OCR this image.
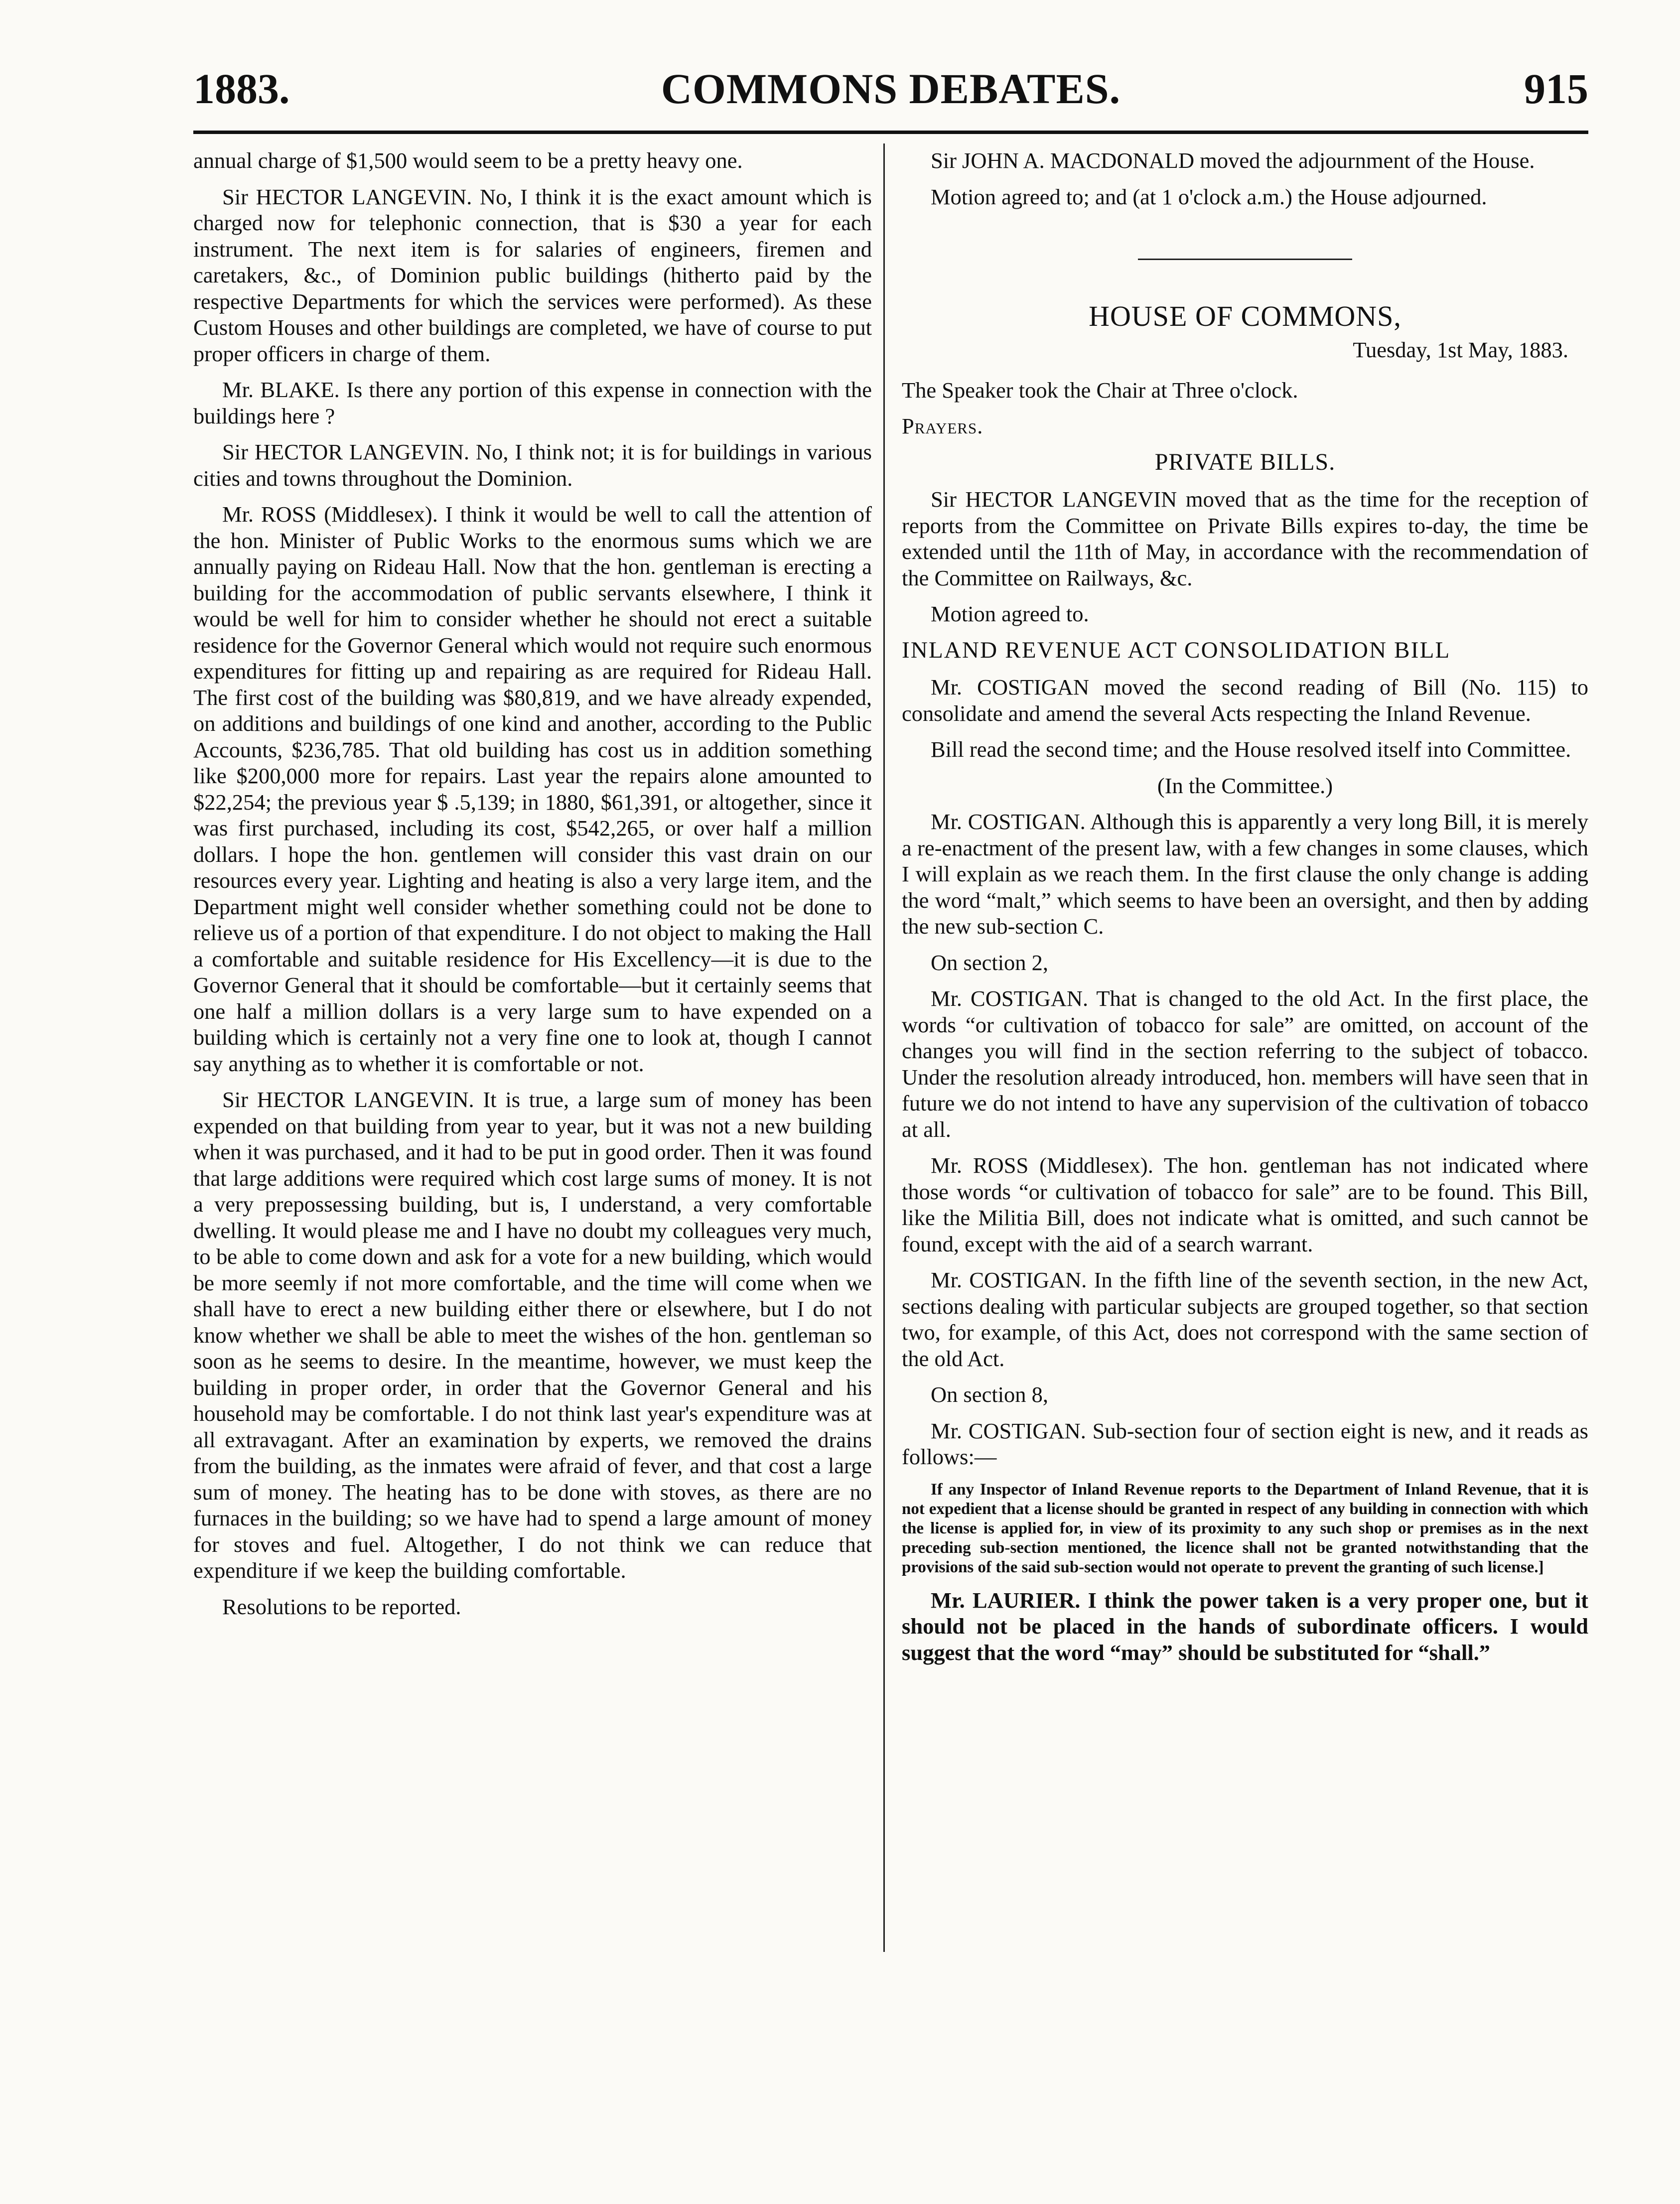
1883.	COMMONS DEBATES.	915

annual charge of $1,500 would seem to be a pretty heavy one.

Sir HECTOR LANGEVIN. No, I think it is the exact amount which is charged now for telephonic connection, that is $30 a year for each instrument. The next item is for salaries of engineers, firemen and caretakers, &c., of Dominion public buildings (hitherto paid by the respective Departments for which the services were performed). As these Custom Houses and other buildings are completed, we have of course to put proper officers in charge of them.

Mr. BLAKE. Is there any portion of this expense in connection with the buildings here ?

Sir HECTOR LANGEVIN. No, I think not; it is for buildings in various cities and towns throughout the Dominion.

Mr. ROSS (Middlesex). I think it would be well to call the attention of the hon. Minister of Public Works to the enormous sums which we are annually paying on Rideau Hall. Now that the hon. gentleman is erecting a building for the accommodation of public servants elsewhere, I think it would be well for him to consider whether he should not erect a suitable residence for the Governor General which would not require such enormous expenditures for fitting up and repairing as are required for Rideau Hall. The first cost of the building was $80,819, and we have already expended, on additions and buildings of one kind and another, according to the Public Accounts, $236,785. That old building has cost us in addition something like $200,000 more for repairs. Last year the repairs alone amounted to $22,254; the previous year $ .5,139; in 1880, $61,391, or altogether, since it was first purchased, including its cost, $542,265, or over half a million dollars. I hope the hon. gentlemen will consider this vast drain on our resources every year. Lighting and heating is also a very large item, and the Department might well consider whether something could not be done to relieve us of a portion of that expenditure. I do not object to making the Hall a comfortable and suitable residence for His Excellency—it is due to the Governor General that it should be comfortable—but it certainly seems that one half a million dollars is a very large sum to have expended on a building which is certainly not a very fine one to look at, though I cannot say anything as to whether it is comfortable or not.

Sir HECTOR LANGEVIN. It is true, a large sum of money has been expended on that building from year to year, but it was not a new building when it was purchased, and it had to be put in good order. Then it was found that large additions were required which cost large sums of money. It is not a very prepossessing building, but is, I understand, a very comfortable dwelling. It would please me and I have no doubt my colleagues very much, to be able to come down and ask for a vote for a new building, which would be more seemly if not more comfortable, and the time will come when we shall have to erect a new building either there or elsewhere, but I do not know whether we shall be able to meet the wishes of the hon. gentleman so soon as he seems to desire. In the meantime, however, we must keep the building in proper order, in order that the Governor General and his household may be comfortable. I do not think last year's expenditure was at all extravagant. After an examination by experts, we removed the drains from the building, as the inmates were afraid of fever, and that cost a large sum of money. The heating has to be done with stoves, as there are no furnaces in the building; so we have had to spend a large amount of money for stoves and fuel. Altogether, I do not think we can reduce that expenditure if we keep the building comfortable.

Resolutions to be reported.

Sir JOHN A. MACDONALD moved the adjournment of the House.

Motion agreed to; and (at 1 o'clock a.m.) the House adjourned.

HOUSE OF COMMONS,
Tuesday, 1st May, 1883.

The Speaker took the Chair at Three o'clock.

Prayers.

PRIVATE BILLS.

Sir HECTOR LANGEVIN moved that as the time for the reception of reports from the Committee on Private Bills expires to-day, the time be extended until the 11th of May, in accordance with the recommendation of the Committee on Railways, &c.

Motion agreed to.

INLAND REVENUE ACT CONSOLIDATION BILL

Mr. COSTIGAN moved the second reading of Bill (No. 115) to consolidate and amend the several Acts respecting the Inland Revenue.

Bill read the second time; and the House resolved itself into Committee.

(In the Committee.)

Mr. COSTIGAN. Although this is apparently a very long Bill, it is merely a re-enactment of the present law, with a few changes in some clauses, which I will explain as we reach them. In the first clause the only change is adding the word “malt,” which seems to have been an oversight, and then by adding the new sub-section C.

On section 2,

Mr. COSTIGAN. That is changed to the old Act. In the first place, the words “or cultivation of tobacco for sale” are omitted, on account of the changes you will find in the section referring to the subject of tobacco. Under the resolution already introduced, hon. members will have seen that in future we do not intend to have any supervision of the cultivation of tobacco at all.

Mr. ROSS (Middlesex). The hon. gentleman has not indicated where those words “or cultivation of tobacco for sale” are to be found. This Bill, like the Militia Bill, does not indicate what is omitted, and such cannot be found, except with the aid of a search warrant.

Mr. COSTIGAN. In the fifth line of the seventh section, in the new Act, sections dealing with particular subjects are grouped together, so that section two, for example, of this Act, does not correspond with the same section of the old Act.

On section 8,

Mr. COSTIGAN. Sub-section four of section eight is new, and it reads as follows:—

If any Inspector of Inland Revenue reports to the Department of Inland Revenue, that it is not expedient that a license should be granted in respect of any building in connection with which the license is applied for, in view of its proximity to any such shop or premises as in the next preceding sub-section mentioned, the licence shall not be granted notwithstanding that the provisions of the said sub-section would not operate to prevent the granting of such license.]

Mr. LAURIER. I think the power taken is a very proper one, but it should not be placed in the hands of subordinate officers. I would suggest that the word “may” should be substituted for “shall.”
